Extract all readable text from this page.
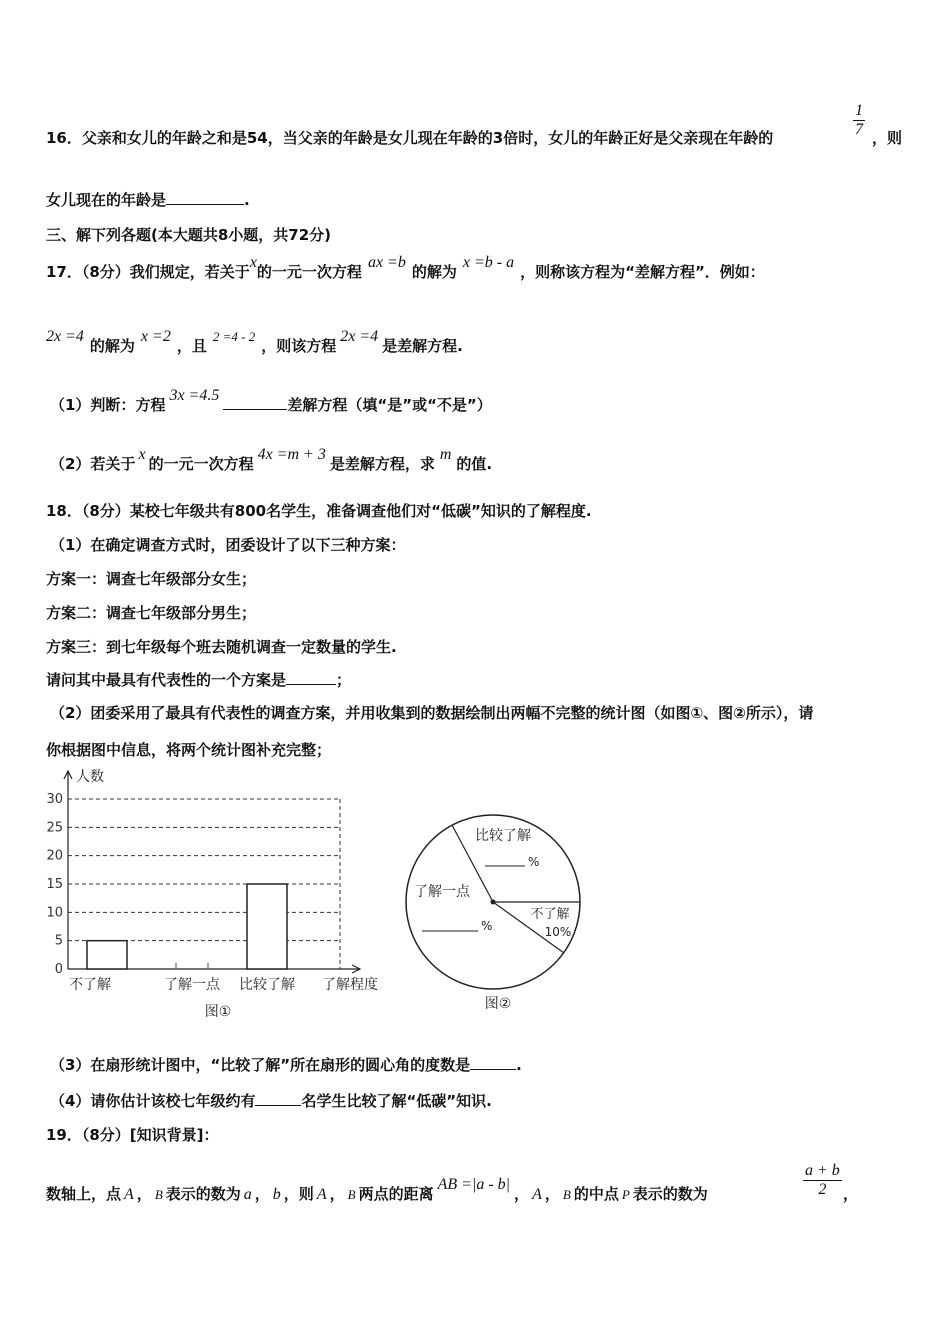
16．父亲和女儿的年龄之和是54，当父亲的年龄是女儿现在年龄的3倍时，女儿的年龄正好是父亲现在年龄的	$\frac{1}{7}$ ，则
女儿现在的年龄是	.
三、解下列各题(本大题共8小题，共72分)
17．（8分）我们规定，若关于x的一元一次方程ax =b的解为x =b - a，则称该方程为“差解方程”．例如：
2x =4的解为x =2，且2 =4 - 2，则该方程2x =4是差解方程.
（1）判断：方程3x =4.5差解方程（填“是”或“不是”）
（2）若关于x的一元一次方程4x =m + 3是差解方程，求m的值.
18．（8分）某校七年级共有800名学生，准备调查他们对“低碳”知识的了解程度.
（1）在确定调查方式时，团委设计了以下三种方案：
方案一：调查七年级部分女生；
方案二：调查七年级部分男生；
方案三：到七年级每个班去随机调查一定数量的学生.
请问其中最具有代表性的一个方案是	；
（2）团委采用了最具有代表性的调查方案，并用收集到的数据绘制出两幅不完整的统计图（如图①、图②所示），请
你根据图中信息，将两个统计图补充完整；
0
5
10
15
20
25
30
人数
了解程度
不了解	了解一点 比较了解
图①
不了解
10%
了解一点
%
比较了解
%
图②
（3）在扇形统计图中，“比较了解”所在扇形的圆心角的度数是	.
（4）请你估计该校七年级约有	名学生比较了解“低碳”知识.
19．（8分）[知识背景]：
数轴上，点 A ， B 表示的数为 a ， b ，则 A ， B 两点的距离AB =|a - b|， A ， B 的中点 P 表示的数为	$\frac{a + b}{2}$ ，
